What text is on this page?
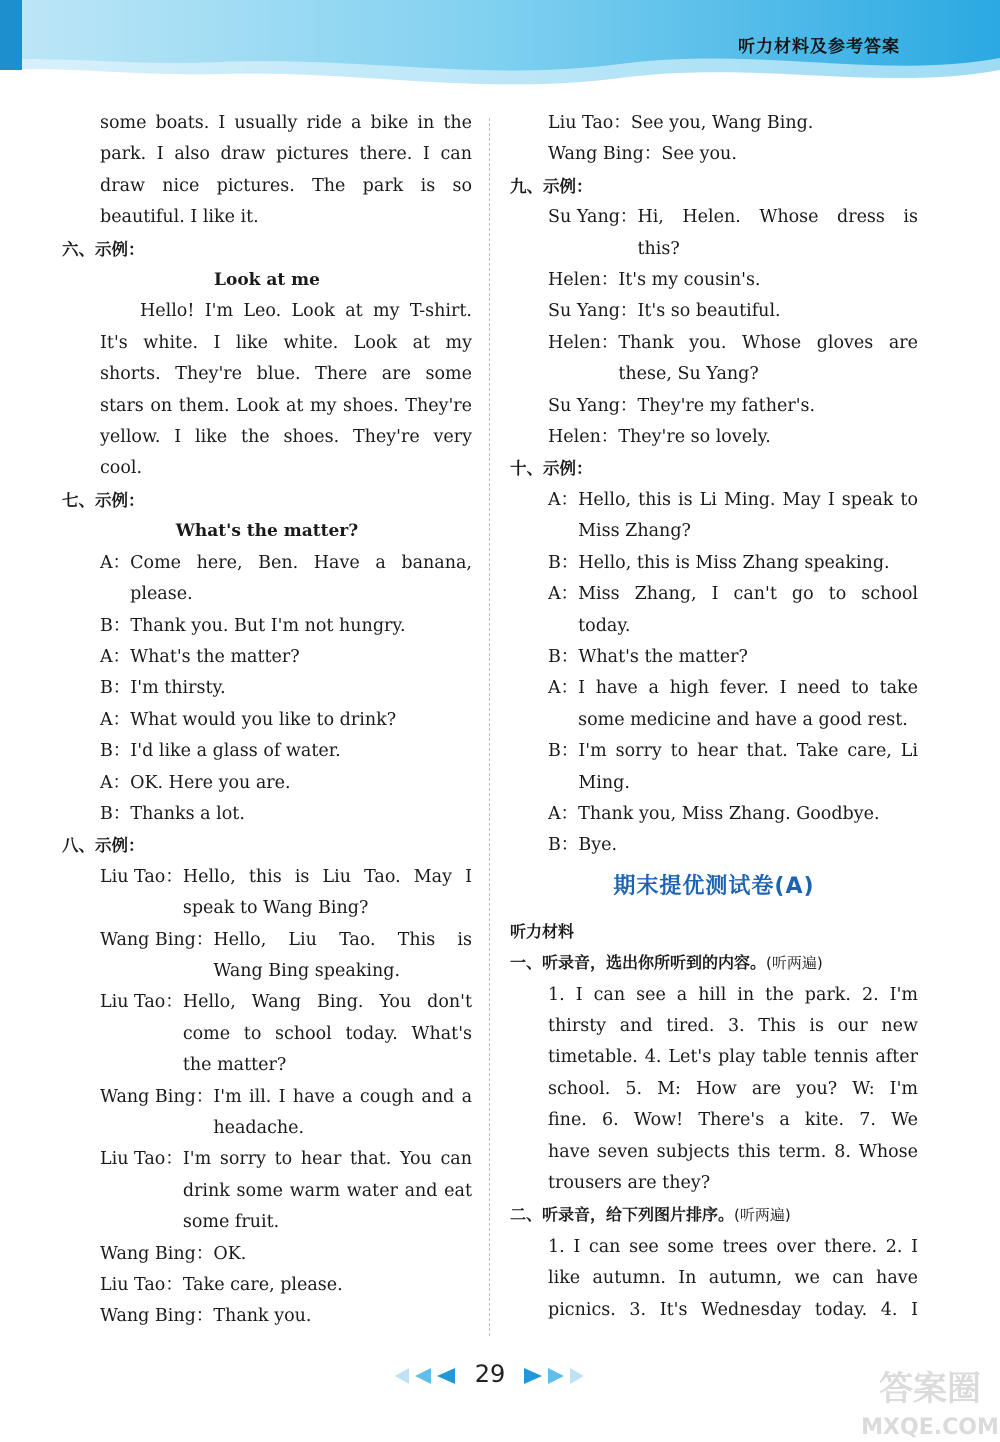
听力材料及参考答案
some boats. I usually ride a bike in the
park. I also draw pictures there. I can
draw nice pictures. The park is so
beautiful. I like it.
六、示例：
Look at me
Hello! I'm Leo. Look at my T-shirt.
It's white. I like white. Look at my
shorts. They're blue. There are some
stars on them. Look at my shoes. They're
yellow. I like the shoes. They're very
cool.
七、示例：
What's the matter?
A： Come here, Ben. Have a banana,
please.
B： Thank you. But I'm not hungry.
A： What's the matter?
B： I'm thirsty.
A： What would you like to drink?
B： I'd like a glass of water.
A： OK. Here you are.
B： Thanks a lot.
八、示例：
Liu Tao： Hello, this is Liu Tao. May I
speak to Wang Bing?
Wang Bing： Hello, Liu Tao. This is
Wang Bing speaking.
Liu Tao： Hello, Wang Bing. You don't
come to school today. What's
the matter?
Wang Bing： I'm ill. I have a cough and a
headache.
Liu Tao： I'm sorry to hear that. You can
drink some warm water and eat
some fruit.
Wang Bing： OK.
Liu Tao： Take care, please.
Wang Bing： Thank you.
Liu Tao： See you, Wang Bing.
Wang Bing： See you.
九、示例：
Su Yang： Hi, Helen. Whose dress is
this?
Helen： It's my cousin's.
Su Yang： It's so beautiful.
Helen： Thank you. Whose gloves are
these, Su Yang?
Su Yang： They're my father's.
Helen： They're so lovely.
十、示例：
A： Hello, this is Li Ming. May I speak to
Miss Zhang?
B： Hello, this is Miss Zhang speaking.
A： Miss Zhang, I can't go to school
today.
B： What's the matter?
A： I have a high fever. I need to take
some medicine and have a good rest.
B： I'm sorry to hear that. Take care, Li
Ming.
A： Thank you, Miss Zhang. Goodbye.
B： Bye.
期末提优测试卷(A)
听力材料
一、听录音，选出你所听到的内容。(听两遍)
1. I can see a hill in the park. 2. I'm
thirsty and tired. 3. This is our new
timetable. 4. Let's play table tennis after
school. 5. M: How are you? W: I'm
fine. 6. Wow! There's a kite. 7. We
have seven subjects this term. 8. Whose
trousers are they?
二、听录音，给下列图片排序。(听两遍)
1. I can see some trees over there. 2. I
like autumn. In autumn, we can have
picnics. 3. It's Wednesday today. 4. I
29	答案圈
MXQE.COM
